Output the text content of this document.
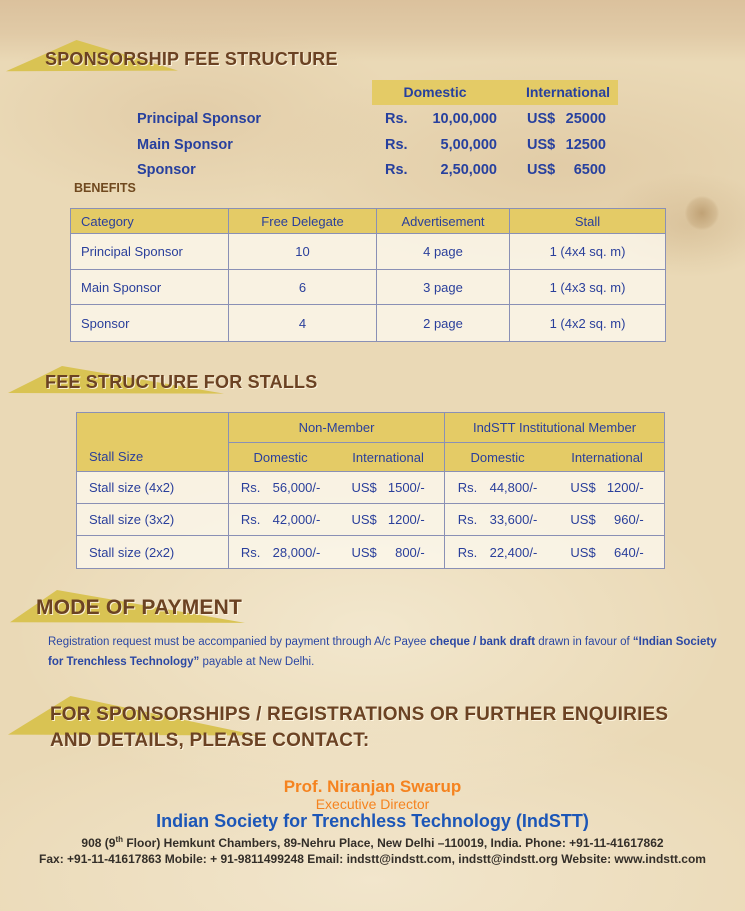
SPONSORSHIP FEE STRUCTURE
Domestic	International
Principal Sponsor	Rs. 10,00,000 US$ 25000
Main Sponsor	Rs. 5,00,000 US$ 12500
Sponsor	Rs. 2,50,000 US$ 6500
BENEFITS
Category	Free Delegate	Advertisement	Stall
Principal Sponsor	10	4 page	1 (4x4 sq. m)
Main Sponsor	6	3 page	1 (4x3 sq. m)
Sponsor	4	2 page	1 (4x2 sq. m)
FEE STRUCTURE FOR STALLS
Stall Size
Non-Member	IndSTT Institutional Member
Domestic	International	Domestic	International
Stall size (4x2)	Rs. 56,000/- US$ 1500/-	Rs. 44,800/-	US$ 1200/-
Stall size (3x2)	Rs. 42,000/- US$ 1200/-	Rs. 33,600/-	US$	960/-
Stall size (2x2)	Rs. 28,000/- US$	800/-	Rs. 22,400/-	US$	640/-
MODE OF PAYMENT
Registration request must be accompanied by payment through A/c Payee cheque / bank draft drawn in favour of “Indian Society
for Trenchless Technology” payable at New Delhi.
FOR SPONSORSHIPS / REGISTRATIONS OR FURTHER ENQUIRIES
AND DETAILS, PLEASE CONTACT:
Prof. Niranjan Swarup
Executive Director
Indian Society for Trenchless Technology (IndSTT)
908 (9th Floor) Hemkunt Chambers, 89-Nehru Place, New Delhi –110019, India. Phone: +91-11-41617862
Fax: +91-11-41617863 Mobile: + 91-9811499248 Email: indstt@indstt.com, indstt@indstt.org Website: www.indstt.com
